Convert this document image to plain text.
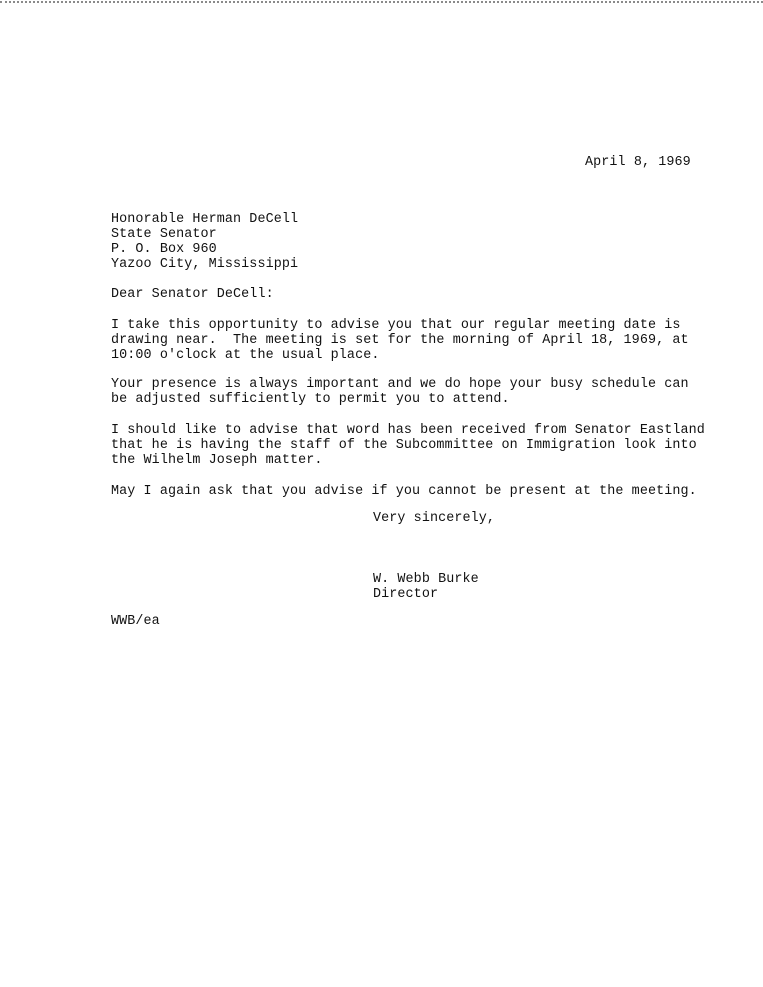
April 8, 1969
Honorable Herman DeCell
State Senator
P. O. Box 960
Yazoo City, Mississippi
Dear Senator DeCell:
I take this opportunity to advise you that our regular meeting date is
drawing near.  The meeting is set for the morning of April 18, 1969, at
10:00 o'clock at the usual place.
Your presence is always important and we do hope your busy schedule can
be adjusted sufficiently to permit you to attend.
I should like to advise that word has been received from Senator Eastland
that he is having the staff of the Subcommittee on Immigration look into
the Wilhelm Joseph matter.
May I again ask that you advise if you cannot be present at the meeting.
Very sincerely,
W. Webb Burke
Director
WWB/ea
